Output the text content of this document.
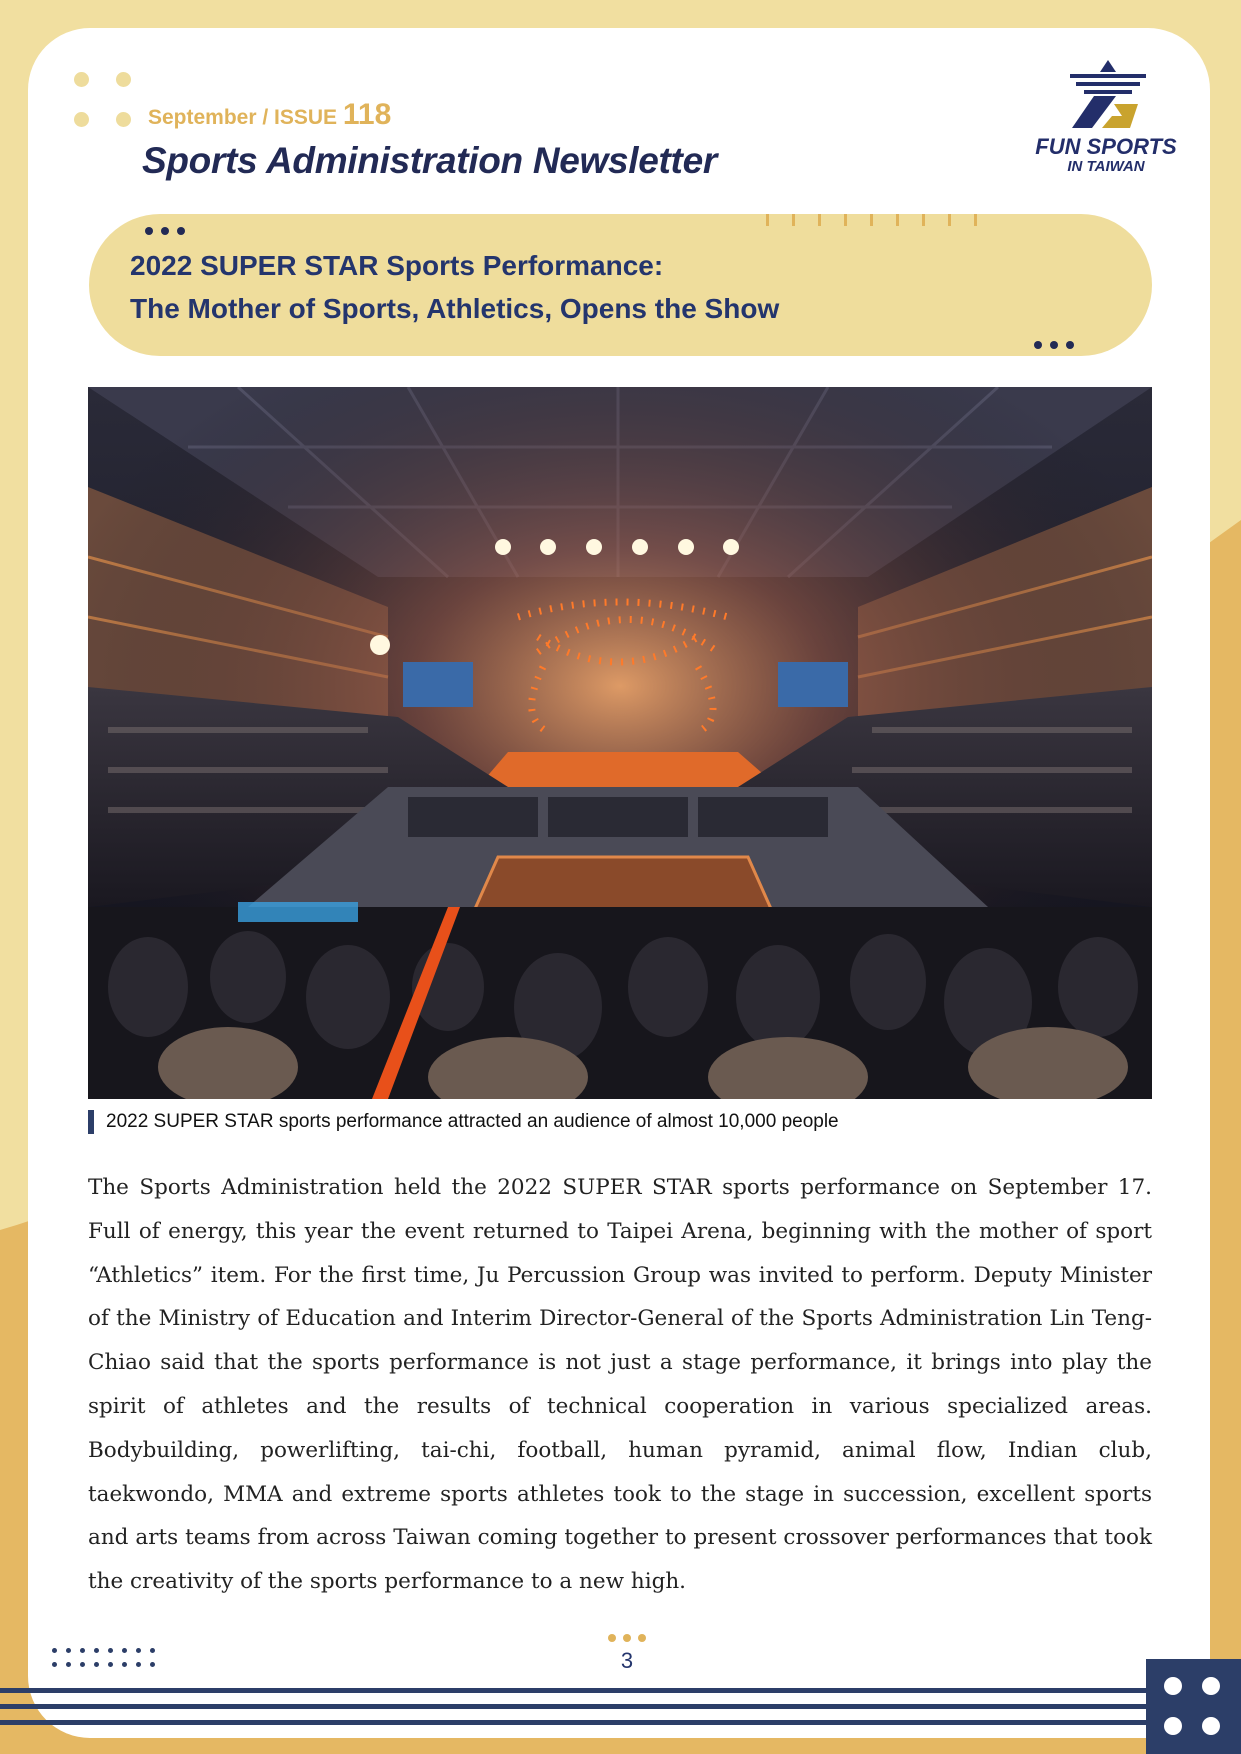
September / ISSUE 118
Sports Administration Newsletter	FUN SPORTS
IN TAIWAN
2022 SUPER STAR Sports Performance:
The Mother of Sports, Athletics, Opens the Show
2022 SUPER STAR sports performance attracted an audience of almost 10,000 people

The Sports Administration held the 2022 SUPER STAR sports performance on September 17. Full of energy, this year the event returned to Taipei Arena, beginning with the mother of sport “Athletics” item. For the first time, Ju Percussion Group was invited to perform. Deputy Minister of the Ministry of Education and Interim Director-General of the Sports Administration Lin Teng-Chiao said that the sports performance is not just a stage performance, it brings into play the spirit of athletes and the results of technical cooperation in various specialized areas. Bodybuilding, powerlifting, tai-chi, football, human pyramid, animal flow, Indian club, taekwondo, MMA and extreme sports athletes took to the stage in succession, excellent sports and arts teams from across Taiwan coming together to present crossover performances that took the creativity of the sports performance to a new high.

3
